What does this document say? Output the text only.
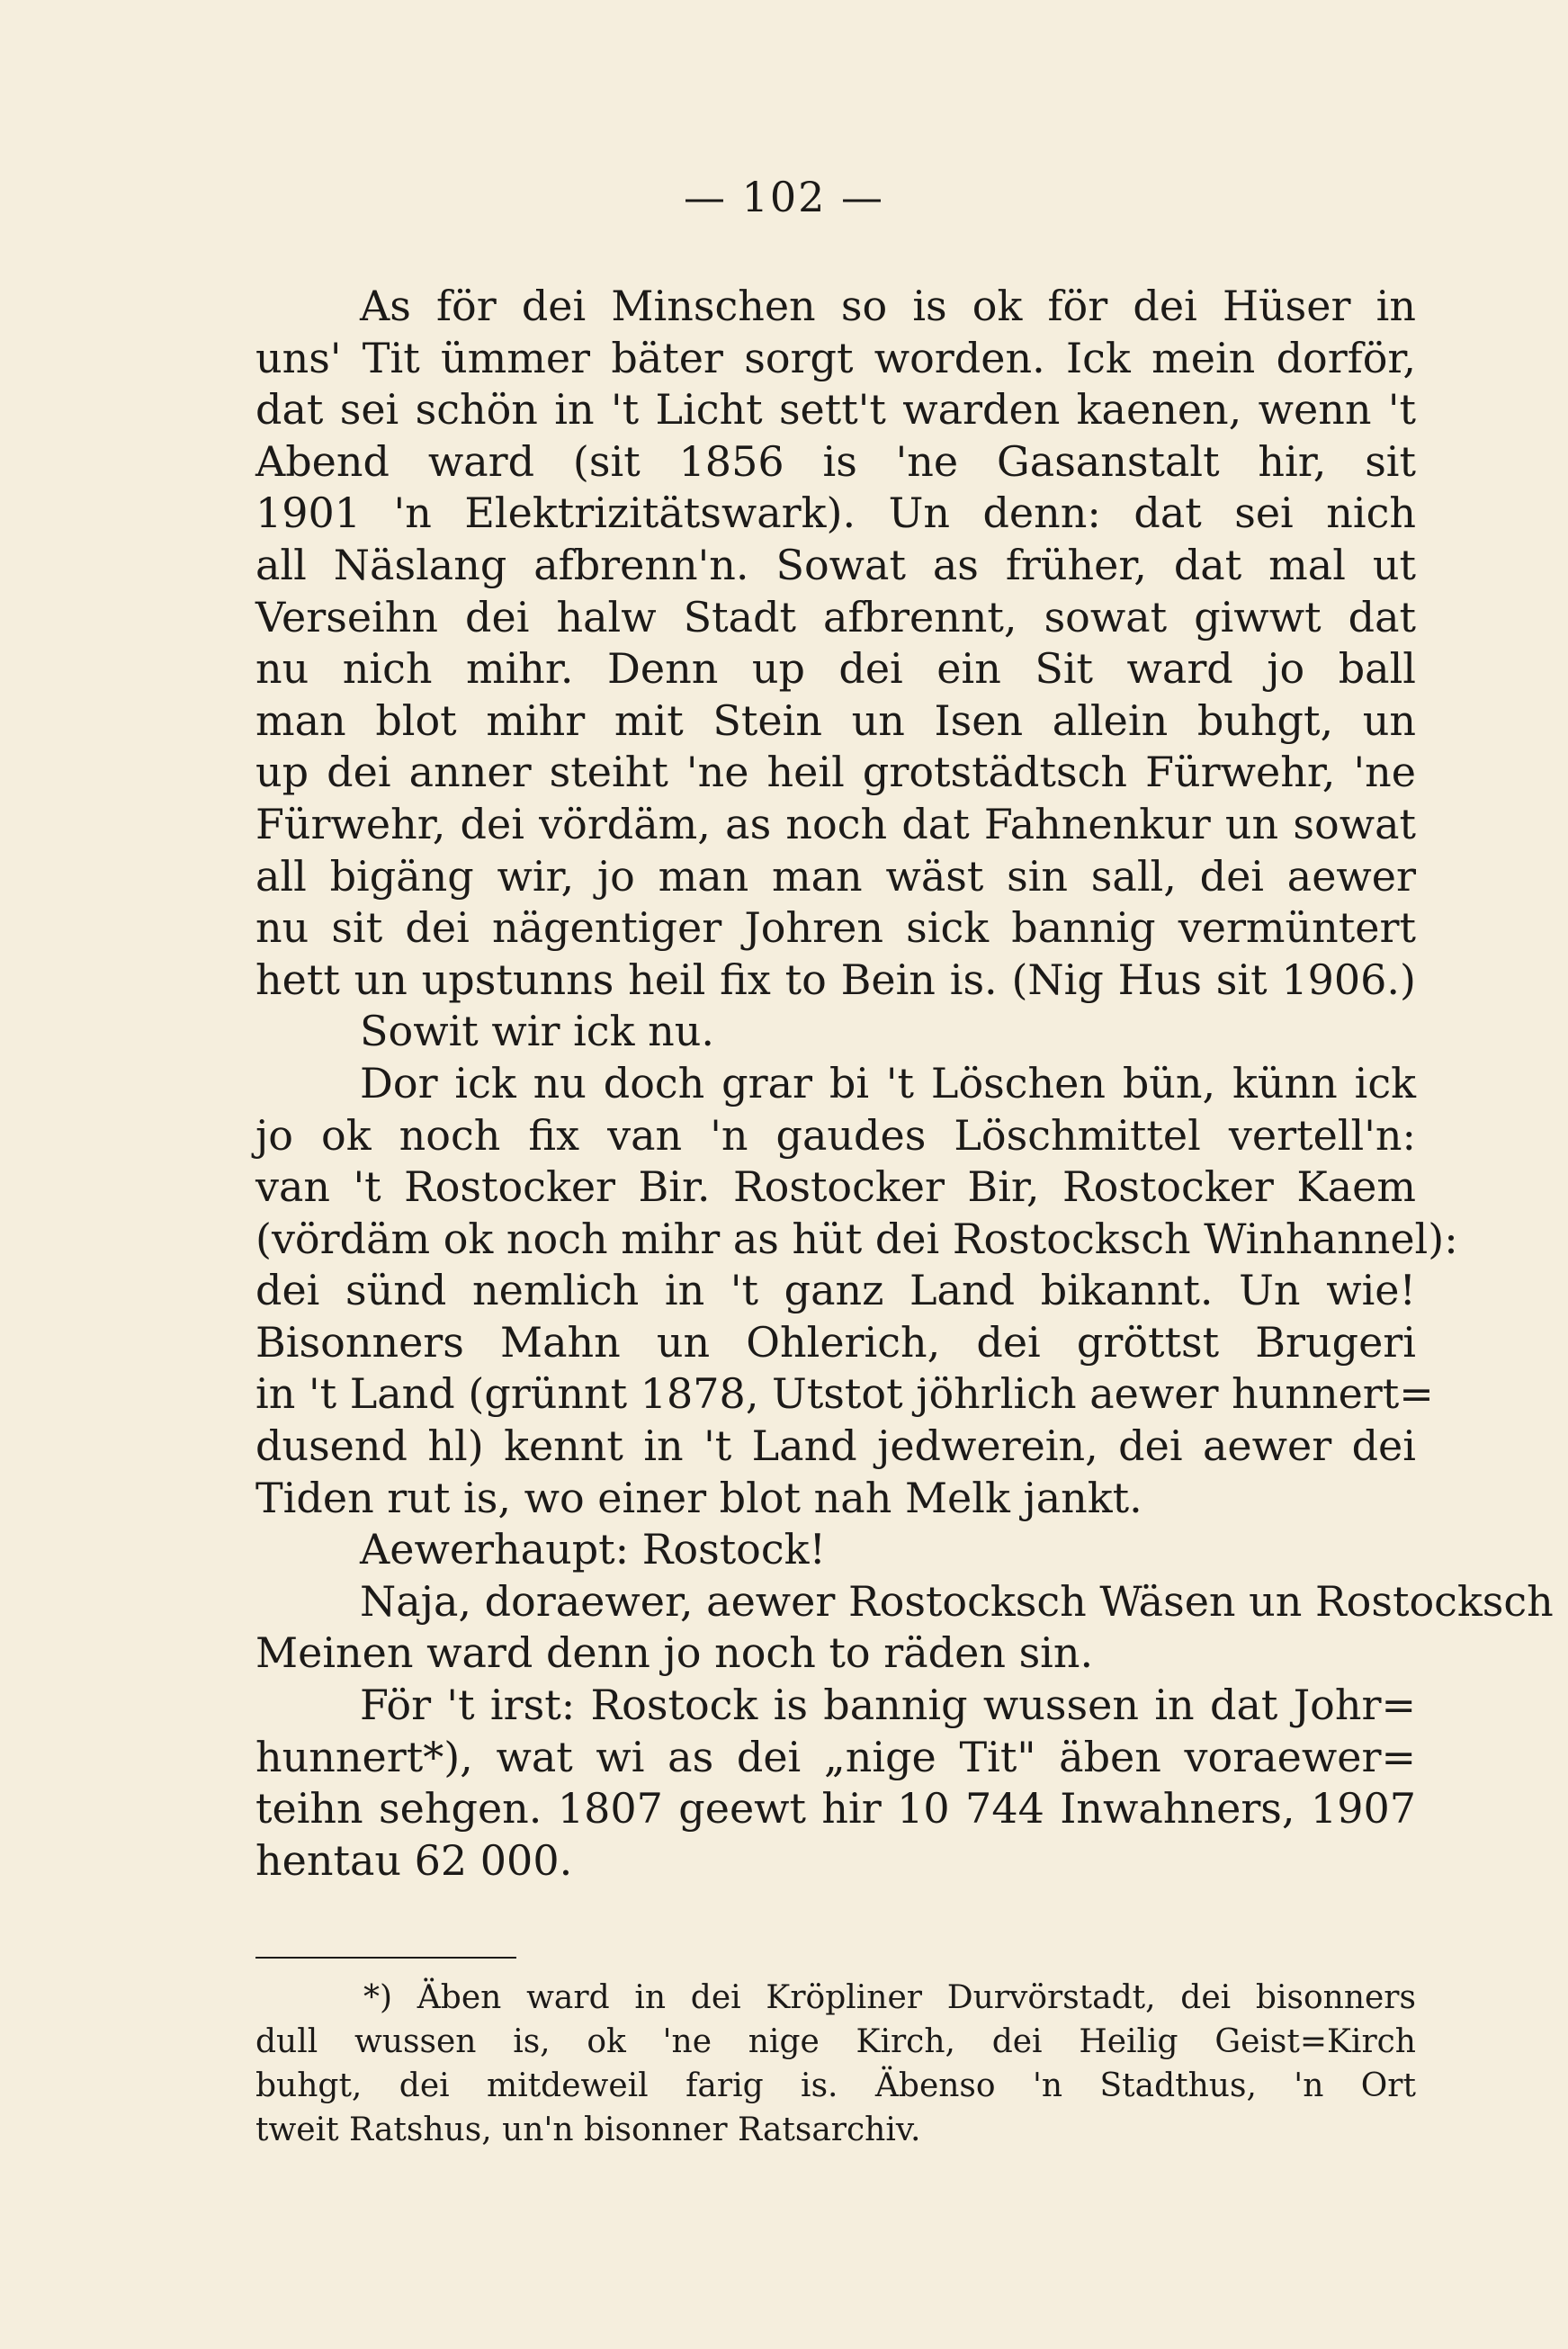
— 102 —
As för dei Minschen so is ok för dei Hüser in
uns' Tit ümmer bäter sorgt worden. Ick mein dorför,
dat sei schön in 't Licht sett't warden kaenen, wenn 't
Abend ward (sit 1856 is 'ne Gasanstalt hir, sit
1901 'n Elektrizitätswark). Un denn: dat sei nich
all Näslang afbrenn'n. Sowat as früher, dat mal ut
Verseihn dei halw Stadt afbrennt, sowat giwwt dat
nu nich mihr. Denn up dei ein Sit ward jo ball
man blot mihr mit Stein un Isen allein buhgt, un
up dei anner steiht 'ne heil grotstädtsch Fürwehr, 'ne
Fürwehr, dei vördäm, as noch dat Fahnenkur un sowat
all bigäng wir, jo man man wäst sin sall, dei aewer
nu sit dei nägentiger Johren sick bannig vermüntert
hett un upstunns heil fix to Bein is. (Nig Hus sit 1906.)
Sowit wir ick nu.
Dor ick nu doch grar bi 't Löschen bün, künn ick
jo ok noch fix van 'n gaudes Löschmittel vertell'n:
van 't Rostocker Bir. Rostocker Bir, Rostocker Kaem
(vördäm ok noch mihr as hüt dei Rostocksch Winhannel):
dei sünd nemlich in 't ganz Land bikannt. Un wie!
Bisonners Mahn un Ohlerich, dei gröttst Brugeri
in 't Land (grünnt 1878, Utstot jöhrlich aewer hunnert=
dusend hl) kennt in 't Land jedwerein, dei aewer dei
Tiden rut is, wo einer blot nah Melk jankt.
Aewerhaupt: Rostock!
Naja, doraewer, aewer Rostocksch Wäsen un Rostocksch
Meinen ward denn jo noch to räden sin.
För 't irst: Rostock is bannig wussen in dat Johr=
hunnert*), wat wi as dei „nige Tit" äben voraewer=
teihn sehgen. 1807 geewt hir 10 744 Inwahners, 1907
hentau 62 000.
*) Äben ward in dei Kröpliner Durvörstadt, dei bisonners
dull wussen is, ok 'ne nige Kirch, dei Heilig Geist=Kirch
buhgt, dei mitdeweil farig is. Äbenso 'n Stadthus, 'n Ort
tweit Ratshus, un'n bisonner Ratsarchiv.
